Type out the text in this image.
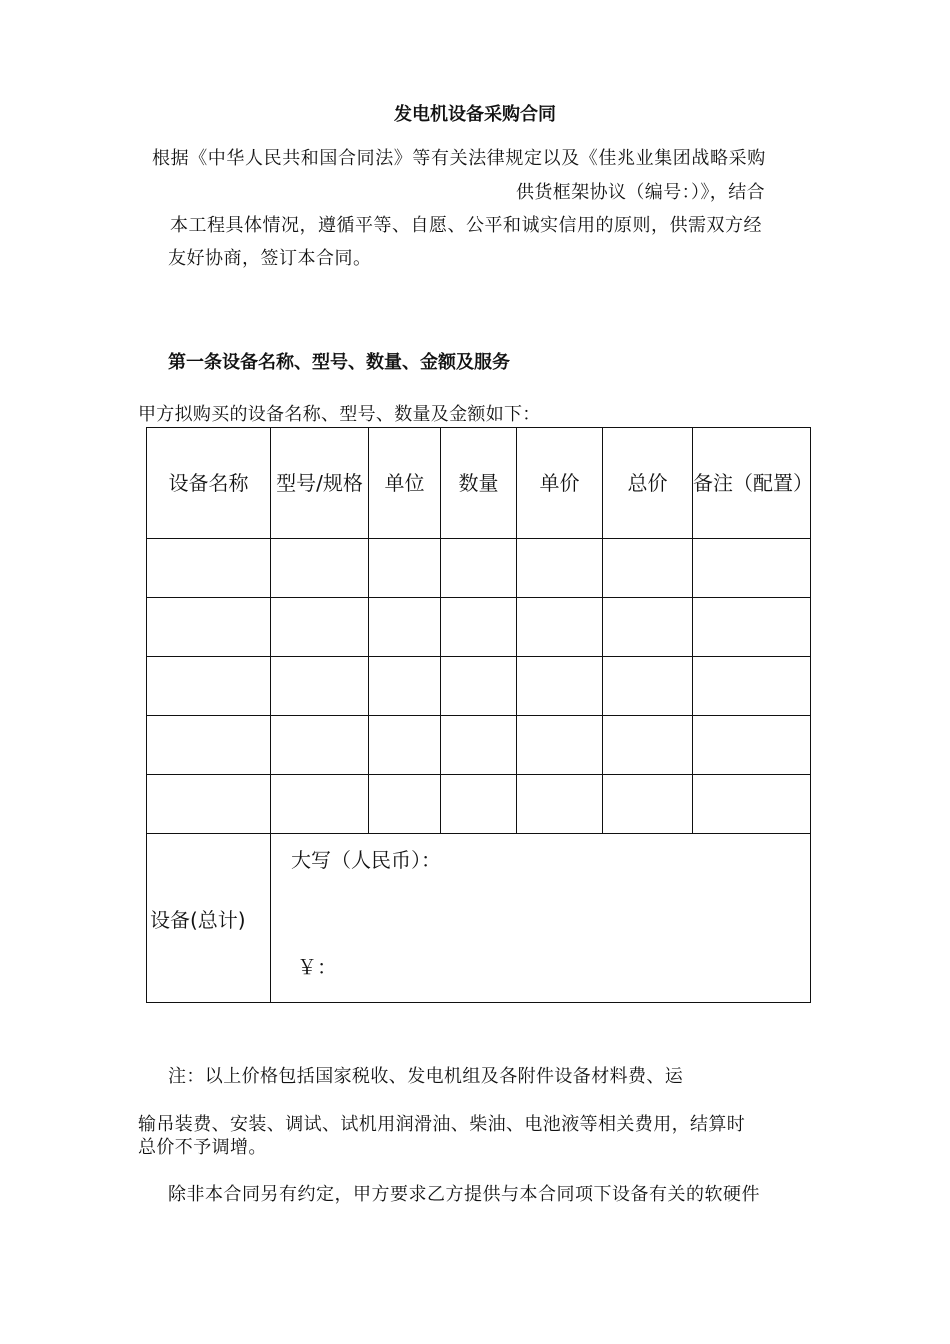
发电机设备采购合同
根据《中华人民共和国合同法》等有关法律规定以及《佳兆业集团战略采购
供货框架协议（编号：）》，结合
本工程具体情况，遵循平等、自愿、公平和诚实信用的原则，供需双方经
友好协商，签订本合同。
第一条设备名称、型号、数量、金额及服务
甲方拟购买的设备名称、型号、数量及金额如下：
设备名称	型号/规格	单位	数量	单价	总价	备注（配置）

设备(总计)	大写（人民币）：
￥：					
注：以上价格包括国家税收、发电机组及各附件设备材料费、运
输吊装费、安装、调试、试机用润滑油、柴油、电池液等相关费用，结算时
总价不予调增。
除非本合同另有约定，甲方要求乙方提供与本合同项下设备有关的软硬件
